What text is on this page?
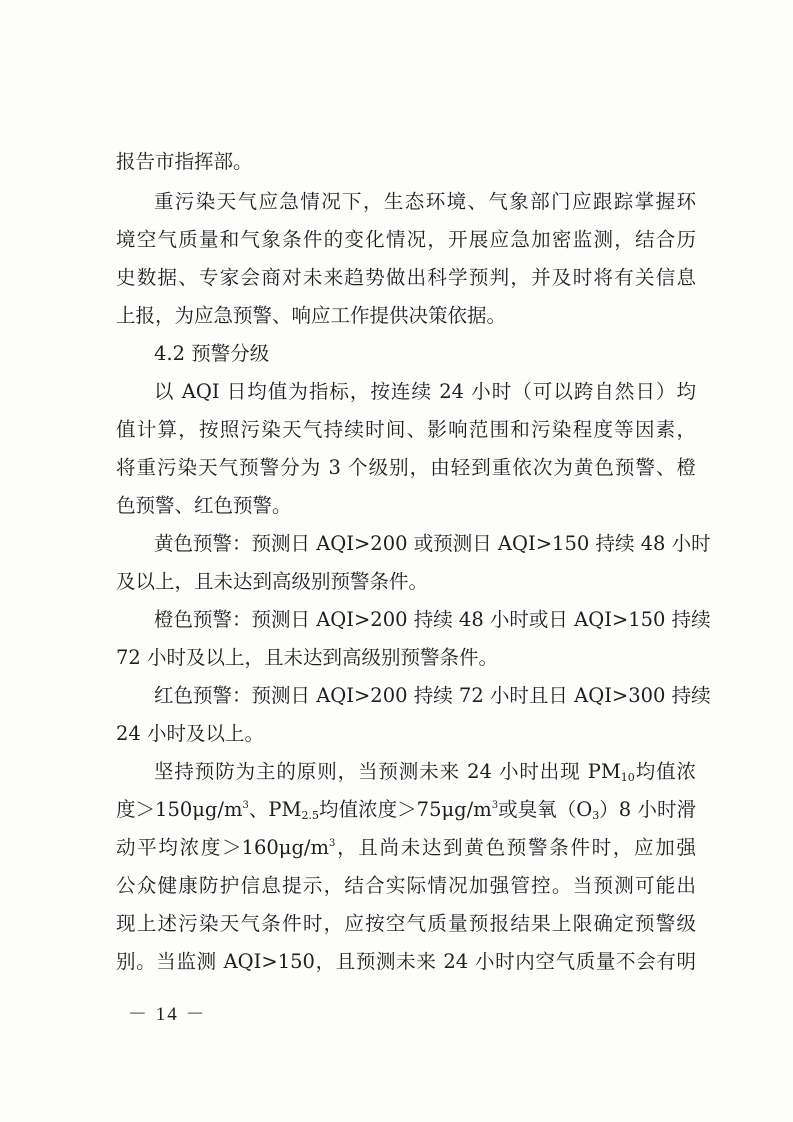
报告市指挥部。
重污染天气应急情况下，生态环境、气象部门应跟踪掌握环
境空气质量和气象条件的变化情况，开展应急加密监测，结合历
史数据、专家会商对未来趋势做出科学预判，并及时将有关信息
上报，为应急预警、响应工作提供决策依据。
4.2 预警分级
以 AQI 日均值为指标，按连续 24 小时（可以跨自然日）均
值计算，按照污染天气持续时间、影响范围和污染程度等因素，
将重污染天气预警分为 3 个级别，由轻到重依次为黄色预警、橙
色预警、红色预警。
黄色预警：预测日 AQI>200 或预测日 AQI>150 持续 48 小时
及以上，且未达到高级别预警条件。
橙色预警：预测日 AQI>200 持续 48 小时或日 AQI>150 持续
72 小时及以上，且未达到高级别预警条件。
红色预警：预测日 AQI>200 持续 72 小时且日 AQI>300 持续
24 小时及以上。
坚持预防为主的原则，当预测未来 24 小时出现 $PM_{10}$均值浓
度$>150\mu g/m^3$、$PM_{2.5}$均值浓度$>75\mu g/m^3$或臭氧$(O_3)8$ 小时滑
动平均浓度$>160\mu g/m^3$，且尚未达到黄色预警条件时，应加强
公众健康防护信息提示，结合实际情况加强管控。当预测可能出
现上述污染天气条件时，应按空气质量预报结果上限确定预警级
别。当监测 AQI>150，且预测未来 24 小时内空气质量不会有明
－ 14 －
